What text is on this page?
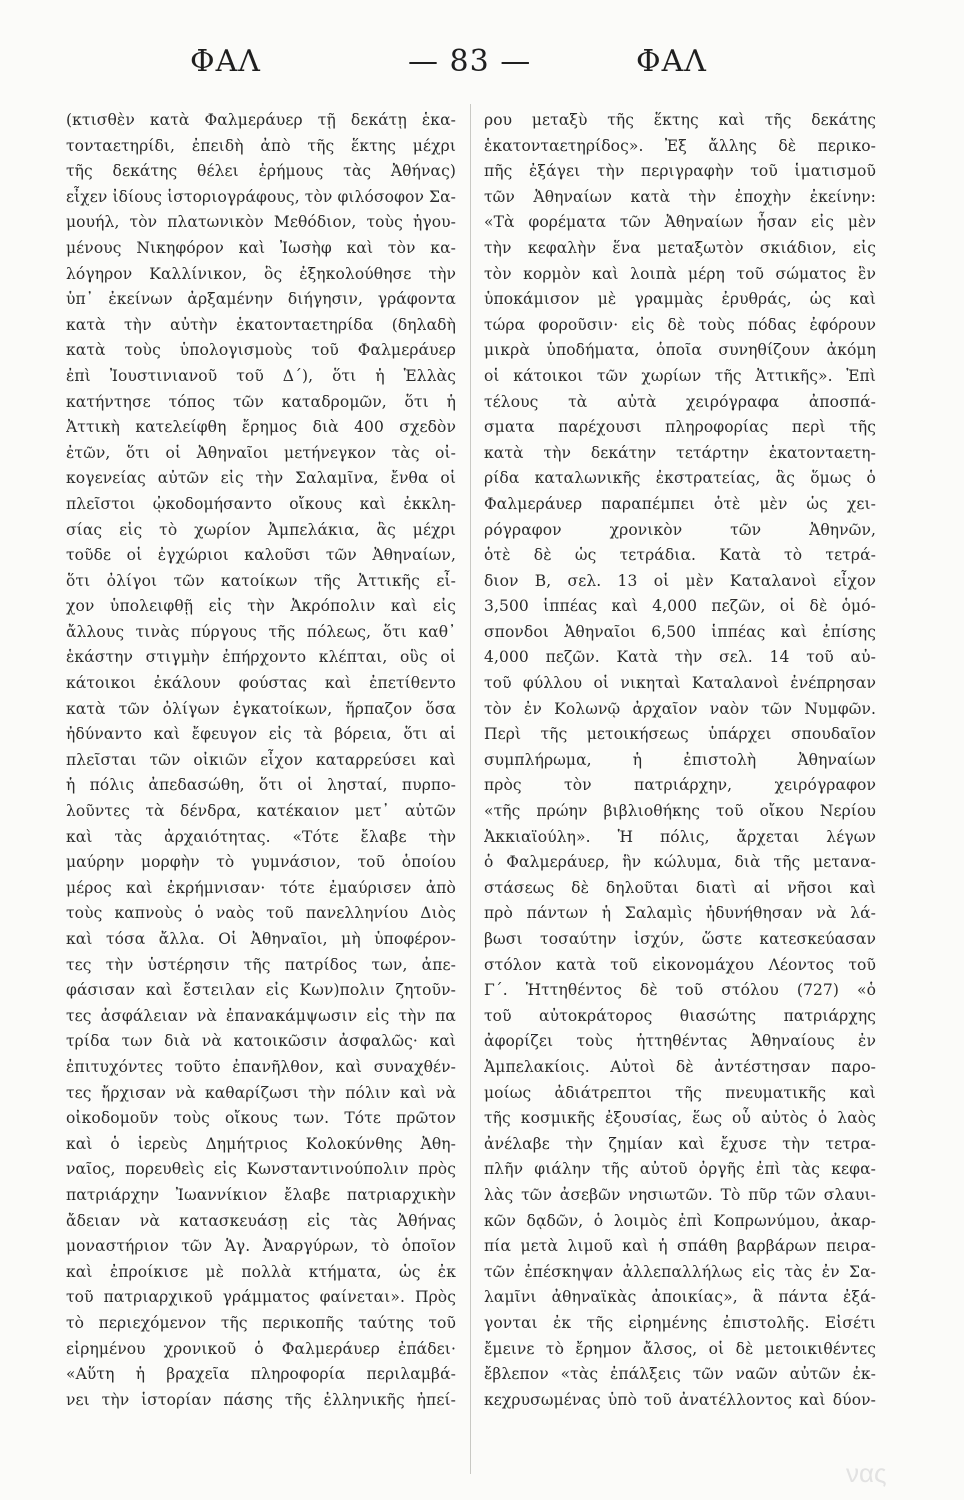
ΦΑΛ	— 83 —	ΦΑΛ
(κτισθὲν κατὰ Φαλμεράυερ τῇ δεκάτῃ ἑκα-
τονταετηρίδι, ἐπειδὴ ἀπὸ τῆς ἕκτης μέχρι
τῆς δεκάτης θέλει ἐρήμους τὰς Ἀθήνας)
εἶχεν ἰδίους ἱστοριογράφους, τὸν φιλόσοφον Σα-
μουήλ, τὸν πλατωνικὸν Μεθόδιον, τοὺς ἡγου-
μένους Νικηφόρον καὶ Ἰωσὴφ καὶ τὸν κα-
λόγηρον Καλλίνικον, ὃς ἐξηκολούθησε τὴν
ὑπ᾿ ἐκείνων ἀρξαμένην διήγησιν, γράφοντα
κατὰ τὴν αὐτὴν ἑκατονταετηρίδα (δηλαδὴ
κατὰ τοὺς ὑπολογισμοὺς τοῦ Φαλμεράυερ
ἐπὶ Ἰουστινιανοῦ τοῦ Δ΄), ὅτι ἡ Ἑλλὰς
κατήντησε τόπος τῶν καταδρομῶν, ὅτι ἡ
Ἀττικὴ κατελείφθη ἔρημος διὰ 400 σχεδὸν
ἐτῶν, ὅτι οἱ Ἀθηναῖοι μετήνεγκον τὰς οἰ-
κογενείας αὐτῶν εἰς τὴν Σαλαμῖνα, ἔνθα οἱ
πλεῖστοι ᾠκοδομήσαντο οἴκους καὶ ἐκκλη-
σίας εἰς τὸ χωρίον Ἀμπελάκια, ἃς μέχρι
τοῦδε οἱ ἐγχώριοι καλοῦσι τῶν Ἀθηναίων,
ὅτι ὀλίγοι τῶν κατοίκων τῆς Ἀττικῆς εἶ-
χον ὑπολειφθῇ εἰς τὴν Ἀκρόπολιν καὶ εἰς
ἄλλους τινὰς πύργους τῆς πόλεως, ὅτι καθ᾿
ἑκάστην στιγμὴν ἐπήρχοντο κλέπται, οὓς οἱ
κάτοικοι ἐκάλουν φούστας καὶ ἐπετίθεντο
κατὰ τῶν ὀλίγων ἐγκατοίκων, ἥρπαζον ὅσα
ἠδύναντο καὶ ἔφευγον εἰς τὰ βόρεια, ὅτι αἱ
πλεῖσται τῶν οἰκιῶν εἶχον καταρρεύσει καὶ
ἡ πόλις ἀπεδασώθη, ὅτι οἱ λησταί, πυρπο-
λοῦντες τὰ δένδρα, κατέκαιον μετ᾿ αὐτῶν
καὶ τὰς ἀρχαιότητας. «Τότε ἔλαβε τὴν
μαύρην μορφὴν τὸ γυμνάσιον, τοῦ ὁποίου
μέρος καὶ ἐκρήμνισαν· τότε ἐμαύρισεν ἀπὸ
τοὺς καπνοὺς ὁ ναὸς τοῦ πανελληνίου Διὸς
καὶ τόσα ἄλλα. Οἱ Ἀθηναῖοι, μὴ ὑποφέρον-
τες τὴν ὑστέρησιν τῆς πατρίδος των, ἀπε-
φάσισαν καὶ ἔστειλαν εἰς Κων)πολιν ζητοῦν-
τες ἀσφάλειαν νὰ ἐπανακάμψωσιν εἰς τὴν πα
τρίδα των διὰ νὰ κατοικῶσιν ἀσφαλῶς· καὶ
ἐπιτυχόντες τοῦτο ἐπανῆλθον, καὶ συναχθέν-
τες ἤρχισαν νὰ καθαρίζωσι τὴν πόλιν καὶ νὰ
οἰκοδομοῦν τοὺς οἴκους των. Τότε πρῶτον
καὶ ὁ ἱερεὺς Δημήτριος Κολοκύνθης Ἀθη-
ναῖος, πορευθεὶς εἰς Κωνσταντινούπολιν πρὸς
πατριάρχην Ἰωαννίκιον ἔλαβε πατριαρχικὴν
ἄδειαν νὰ κατασκευάσῃ εἰς τὰς Ἀθήνας
μοναστήριον τῶν Ἁγ. Ἀναργύρων, τὸ ὁποῖον
καὶ ἐπροίκισε μὲ πολλὰ κτήματα, ὡς ἐκ
τοῦ πατριαρχικοῦ γράμματος φαίνεται». Πρὸς
τὸ περιεχόμενον τῆς περικοπῆς ταύτης τοῦ
εἰρημένου χρονικοῦ ὁ Φαλμεράυερ ἐπάδει·
«Αὕτη ἡ βραχεῖα πληροφορία περιλαμβά-
νει τὴν ἱστορίαν πάσης τῆς ἑλληνικῆς ἠπεί-
ρου μεταξὺ τῆς ἕκτης καὶ τῆς δεκάτης
ἑκατονταετηρίδος». Ἐξ ἄλλης δὲ περικο-
πῆς ἐξάγει τὴν περιγραφὴν τοῦ ἱματισμοῦ
τῶν Ἀθηναίων κατὰ τὴν ἐποχὴν ἐκείνην:
«Τὰ φορέματα τῶν Ἀθηναίων ἦσαν εἰς μὲν
τὴν κεφαλὴν ἕνα μεταξωτὸν σκιάδιον, εἰς
τὸν κορμὸν καὶ λοιπὰ μέρη τοῦ σώματος ἓν
ὑποκάμισον μὲ γραμμὰς ἐρυθράς, ὡς καὶ
τώρα φοροῦσιν· εἰς δὲ τοὺς πόδας ἐφόρουν
μικρὰ ὑποδήματα, ὁποῖα συνηθίζουν ἀκόμη
οἱ κάτοικοι τῶν χωρίων τῆς Ἀττικῆς». Ἐπὶ
τέλους τὰ αὐτὰ χειρόγραφα ἀποσπά-
σματα παρέχουσι πληροφορίας περὶ τῆς
κατὰ τὴν δεκάτην τετάρτην ἑκατονταετη-
ρίδα καταλωνικῆς ἐκστρατείας, ἃς ὅμως ὁ
Φαλμεράυερ παραπέμπει ὁτὲ μὲν ὡς χει-
ρόγραφον χρονικὸν τῶν Ἀθηνῶν,
ὁτὲ δὲ ὡς τετράδια. Κατὰ τὸ τετρά-
διον Β, σελ. 13 οἱ μὲν Καταλανοὶ εἶχον
3,500 ἱππέας καὶ 4,000 πεζῶν, οἱ δὲ ὁμό-
σπονδοι Ἀθηναῖοι 6,500 ἱππέας καὶ ἐπίσης
4,000 πεζῶν. Κατὰ τὴν σελ. 14 τοῦ αὐ-
τοῦ φύλλου οἱ νικηταὶ Καταλανοὶ ἐνέπρησαν
τὸν ἐν Κολωνῷ ἀρχαῖον ναὸν τῶν Νυμφῶν.
Περὶ τῆς μετοικήσεως ὑπάρχει σπουδαῖον
συμπλήρωμα, ἡ ἐπιστολὴ Ἀθηναίων
πρὸς τὸν πατριάρχην, χειρόγραφον
«τῆς πρώην βιβλιοθήκης τοῦ οἴκου Νερίου
Ἀκκιαϊούλη». Ἡ πόλις, ἄρχεται λέγων
ὁ Φαλμεράυερ, ἣν κώλυμα, διὰ τῆς μετανα-
στάσεως δὲ δηλοῦται διατὶ αἱ νῆσοι καὶ
πρὸ πάντων ἡ Σαλαμὶς ἠδυνήθησαν νὰ λά-
βωσι τοσαύτην ἰσχύν, ὥστε κατεσκεύασαν
στόλον κατὰ τοῦ εἰκονομάχου Λέοντος τοῦ
Γ΄. Ἡττηθέντος δὲ τοῦ στόλου (727) «ὁ
τοῦ αὐτοκράτορος θιασώτης πατριάρχης
ἀφορίζει τοὺς ἡττηθέντας Ἀθηναίους ἐν
Ἀμπελακίοις. Αὐτοὶ δὲ ἀντέστησαν παρο-
μοίως ἀδιάτρεπτοι τῆς πνευματικῆς καὶ
τῆς κοσμικῆς ἐξουσίας, ἕως οὗ αὐτὸς ὁ λαὸς
ἀνέλαβε τὴν ζημίαν καὶ ἔχυσε τὴν τετρα-
πλῆν φιάλην τῆς αὐτοῦ ὀργῆς ἐπὶ τὰς κεφα-
λὰς τῶν ἀσεβῶν νησιωτῶν. Τὸ πῦρ τῶν σλαυι-
κῶν δᾳδῶν, ὁ λοιμὸς ἐπὶ Κοπρωνύμου, ἀκαρ-
πία μετὰ λιμοῦ καὶ ἡ σπάθη βαρβάρων πειρα-
τῶν ἐπέσκηψαν ἀλλεπαλλήλως εἰς τὰς ἐν Σα-
λαμῖνι ἀθηναϊκὰς ἀποικίας», ἃ πάντα ἐξά-
γονται ἐκ τῆς εἰρημένης ἐπιστολῆς. Εἰσέτι
ἔμεινε τὸ ἔρημον ἄλσος, οἱ δὲ μετοικιθέντες
ἔβλεπον «τὰς ἐπάλξεις τῶν ναῶν αὐτῶν ἐκ-
κεχρυσωμένας ὑπὸ τοῦ ἀνατέλλοντος καὶ δύον-
νας
